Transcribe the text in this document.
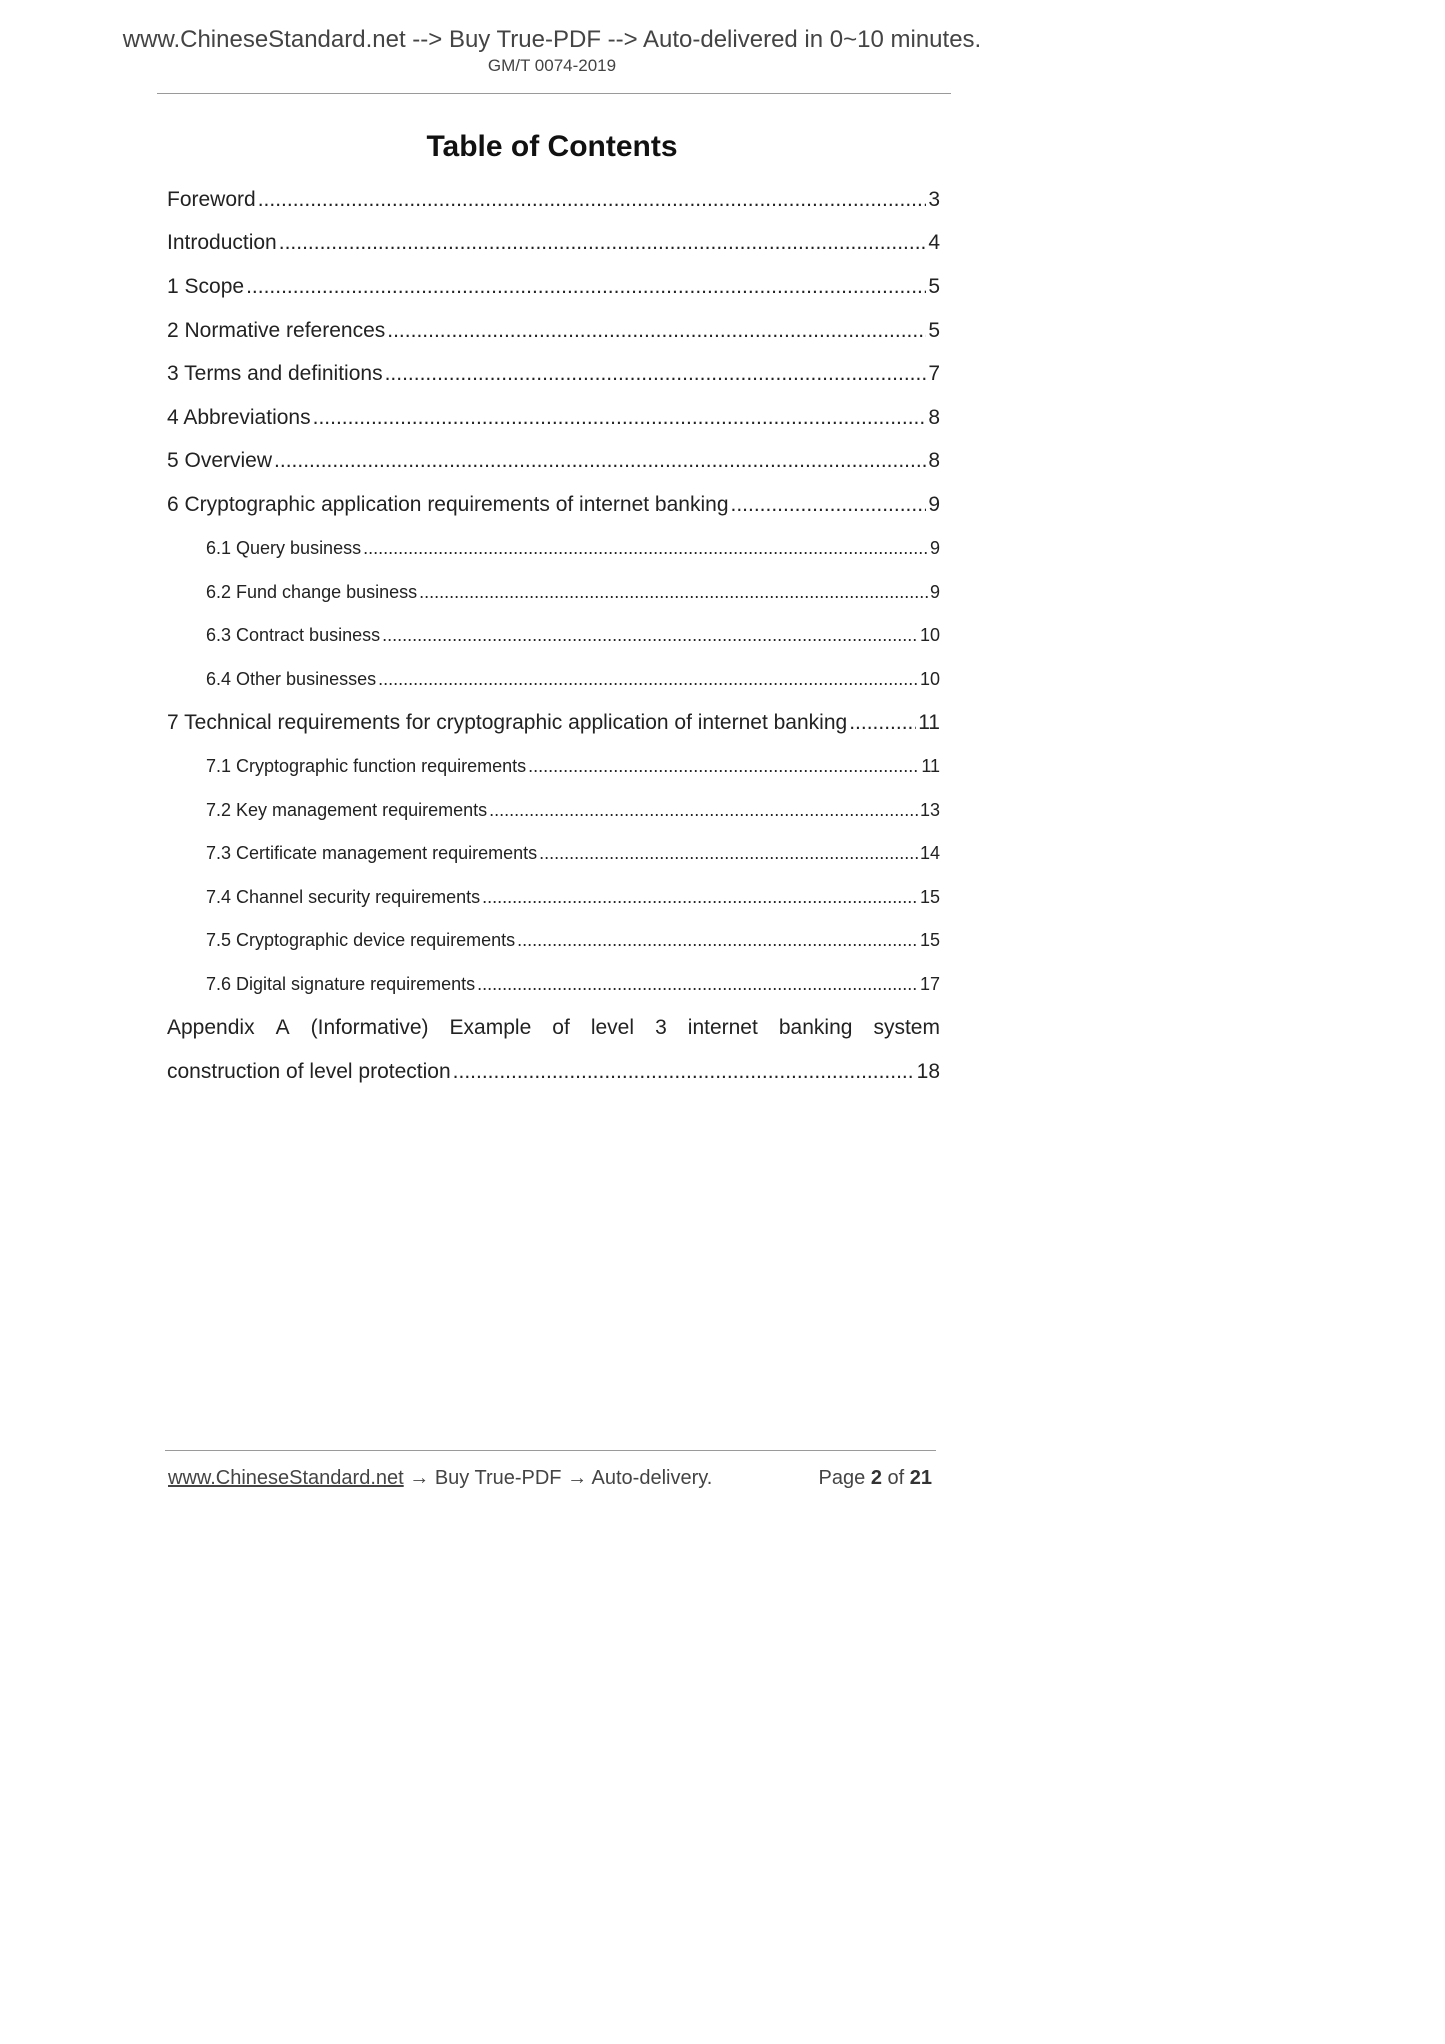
www.ChineseStandard.net --> Buy True-PDF --> Auto-delivered in 0~10 minutes.
GM/T 0074-2019
Table of Contents
Foreword .....	3
Introduction .....	4
1 Scope .....	5
2 Normative references .....	5
3 Terms and definitions .....	7
4 Abbreviations .....	8
5 Overview .....	8
6 Cryptographic application requirements of internet banking .....	9
6.1 Query business .....	9
6.2 Fund change business .....	9
6.3 Contract business .....	10
6.4 Other businesses .....	10
7 Technical requirements for cryptographic application of internet banking .....	11
7.1 Cryptographic function requirements .....	11
7.2 Key management requirements .....	13
7.3 Certificate management requirements .....	14
7.4 Channel security requirements .....	15
7.5 Cryptographic device requirements .....	15
7.6 Digital signature requirements .....	17
Appendix A (Informative) Example of level 3 internet banking system
construction of level protection .....	18
www.ChineseStandard.net → Buy True-PDF → Auto-delivery.	Page 2 of 21
